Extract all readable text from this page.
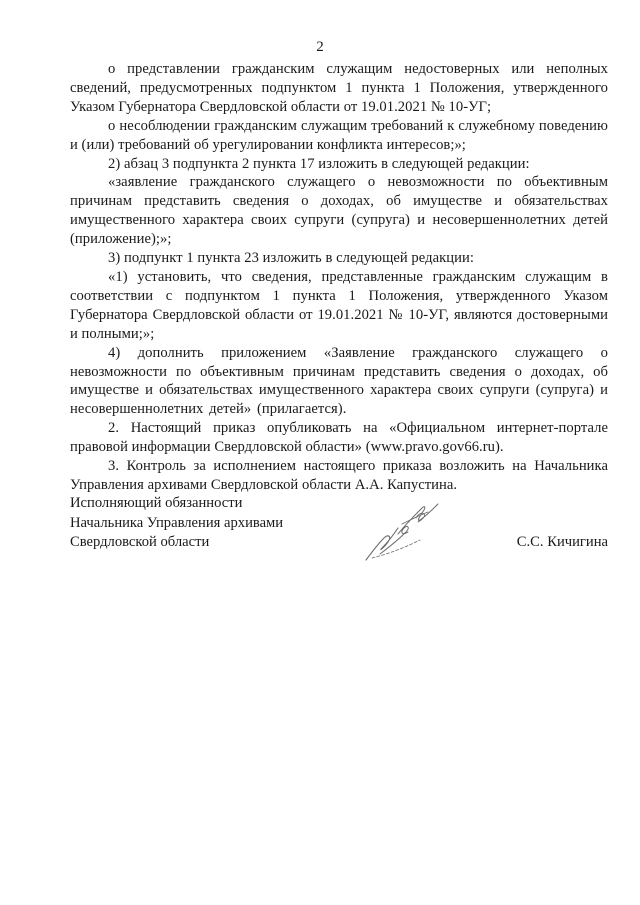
2

о представлении гражданским служащим недостоверных или неполных сведений, предусмотренных подпунктом 1 пункта 1 Положения, утвержденного Указом Губернатора Свердловской области от 19.01.2021 № 10-УГ;

о несоблюдении гражданским служащим требований к служебному поведению и (или) требований об урегулировании конфликта интересов;»;

2) абзац 3 подпункта 2 пункта 17 изложить в следующей редакции:

«заявление гражданского служащего о невозможности по объективным причинам представить сведения о доходах, об имуществе и обязательствах имущественного характера своих супруги (супруга) и несовершеннолетних детей (приложение);»;

3) подпункт 1 пункта 23 изложить в следующей редакции:

«1) установить, что сведения, представленные гражданским служащим в соответствии с подпунктом 1 пункта 1 Положения, утвержденного Указом Губернатора Свердловской области от 19.01.2021 № 10-УГ, являются достоверными и полными;»;

4) дополнить приложением «Заявление гражданского служащего о невозможности по объективным причинам представить сведения о доходах, об имуществе и обязательствах имущественного характера своих супруги (супруга) и несовершеннолетних детей» (прилагается).

2. Настоящий приказ опубликовать на «Официальном интернет-портале правовой информации Свердловской области» (www.pravo.gov66.ru).

3. Контроль за исполнением настоящего приказа возложить на Начальника Управления архивами Свердловской области А.А. Капустина.

Исполняющий обязанности
Начальника Управления архивами
Свердловской области	С.С. Кичигина
